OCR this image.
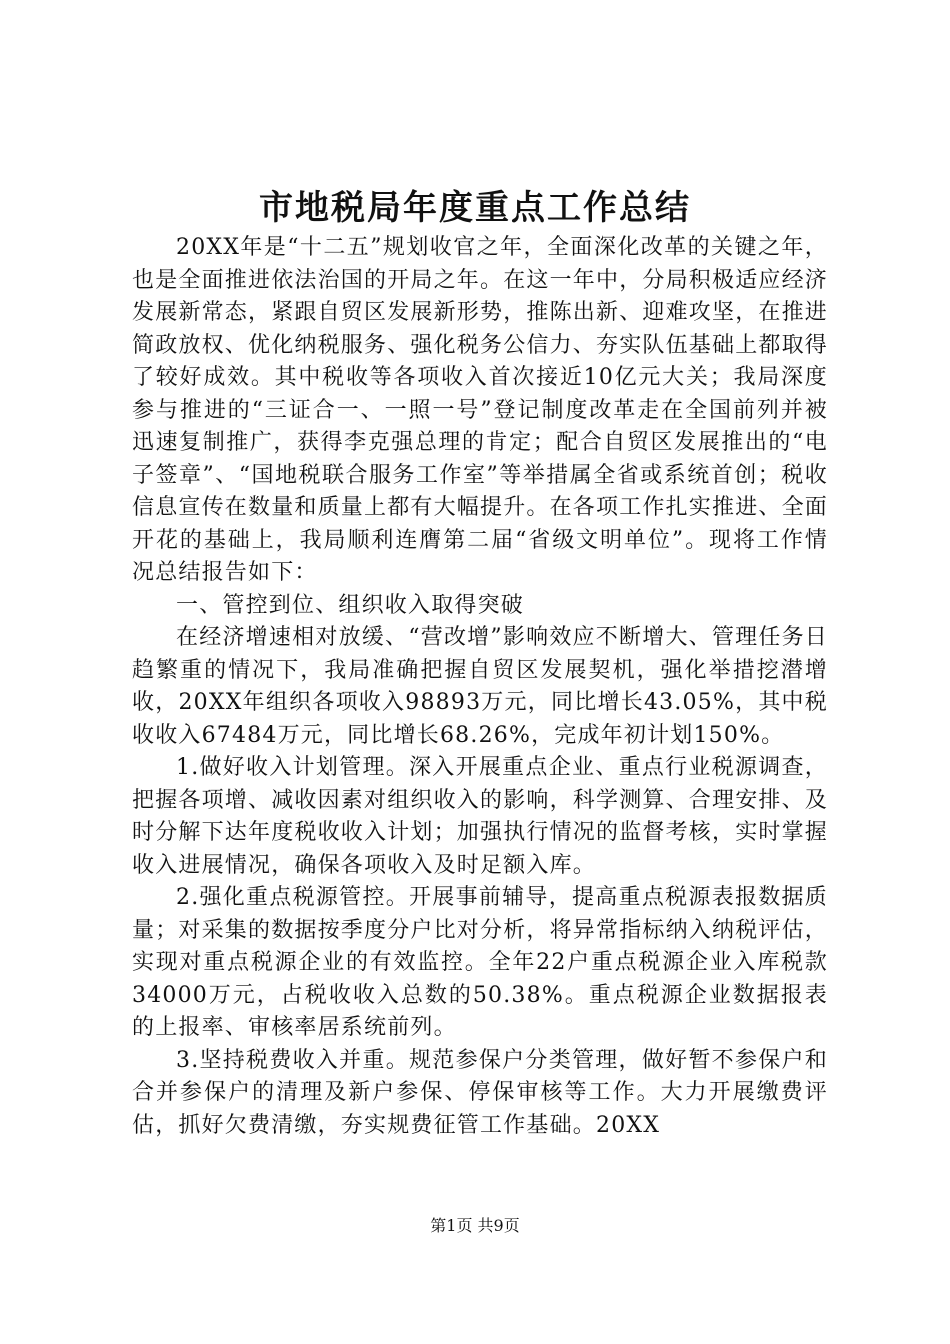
市地税局年度重点工作总结

20XX年是“十二五”规划收官之年，全面深化改革的关键之年，也是全面推进依法治国的开局之年。在这一年中，分局积极适应经济发展新常态，紧跟自贸区发展新形势，推陈出新、迎难攻坚，在推进简政放权、优化纳税服务、强化税务公信力、夯实队伍基础上都取得了较好成效。其中税收等各项收入首次接近10亿元大关；我局深度参与推进的“三证合一、一照一号”登记制度改革走在全国前列并被迅速复制推广，获得李克强总理的肯定；配合自贸区发展推出的“电子签章”、“国地税联合服务工作室”等举措属全省或系统首创；税收信息宣传在数量和质量上都有大幅提升。在各项工作扎实推进、全面开花的基础上，我局顺利连膺第二届“省级文明单位”。现将工作情况总结报告如下：

一、管控到位、组织收入取得突破

在经济增速相对放缓、“营改增”影响效应不断增大、管理任务日趋繁重的情况下，我局准确把握自贸区发展契机，强化举措挖潜增收，20XX年组织各项收入98893万元，同比增长43.05%，其中税收收入67484万元，同比增长68.26%，完成年初计划150%。

1.做好收入计划管理。深入开展重点企业、重点行业税源调查，把握各项增、减收因素对组织收入的影响，科学测算、合理安排、及时分解下达年度税收收入计划；加强执行情况的监督考核，实时掌握收入进展情况，确保各项收入及时足额入库。

2.强化重点税源管控。开展事前辅导，提高重点税源表报数据质量；对采集的数据按季度分户比对分析，将异常指标纳入纳税评估，实现对重点税源企业的有效监控。全年22户重点税源企业入库税款34000万元，占税收收入总数的50.38%。重点税源企业数据报表的上报率、审核率居系统前列。

3.坚持税费收入并重。规范参保户分类管理，做好暂不参保户和合并参保户的清理及新户参保、停保审核等工作。大力开展缴费评估，抓好欠费清缴，夯实规费征管工作基础。20XX

第1页 共9页
